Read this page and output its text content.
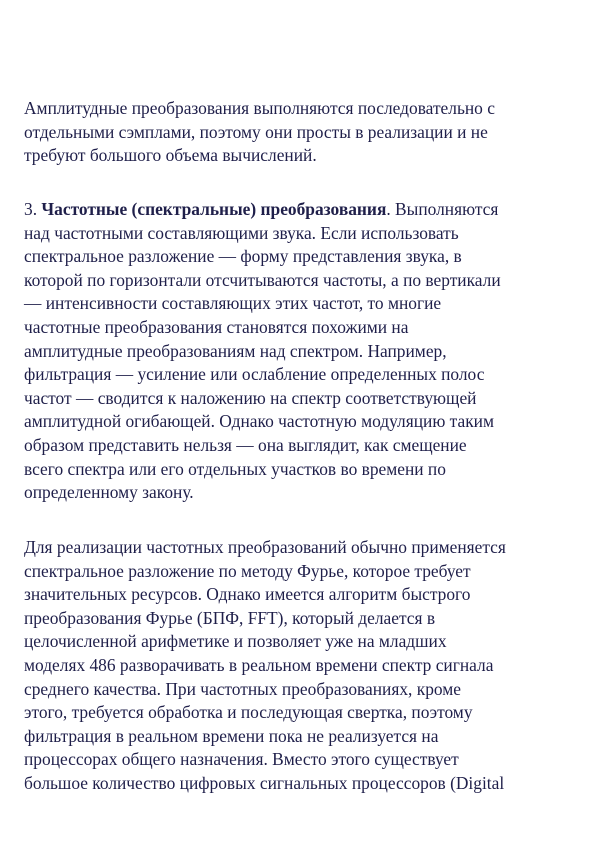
Амплитудные преобразования выполняются последовательно с
отдельными сэмплами, поэтому они просты в реализации и не
требуют большого объема вычислений.
3. Частотные (спектральные) преобразования. Выполняются
над частотными составляющими звука. Если использовать
спектральное разложение — форму представления звука, в
которой по горизонтали отсчитываются частоты, а по вертикали
— интенсивности составляющих этих частот, то многие
частотные преобразования становятся похожими на
амплитудные преобразованиям над спектром. Например,
фильтрация — усиление или ослабление определенных полос
частот — сводится к наложению на спектр соответствующей
амплитудной огибающей. Однако частотную модуляцию таким
образом представить нельзя — она выглядит, как смещение
всего спектра или его отдельных участков во времени по
определенному закону.
Для реализации частотных преобразований обычно применяется
спектральное разложение по методу Фурье, которое требует
значительных ресурсов. Однако имеется алгоритм быстрого
преобразования Фурье (БПФ, FFT), который делается в
целочисленной арифметике и позволяет уже на младших
моделях 486 разворачивать в реальном времени спектр сигнала
среднего качества. При частотных преобразованиях, кроме
этого, требуется обработка и последующая свертка, поэтому
фильтрация в реальном времени пока не реализуется на
процессорах общего назначения. Вместо этого существует
большое количество цифровых сигнальных процессоров (Digital
